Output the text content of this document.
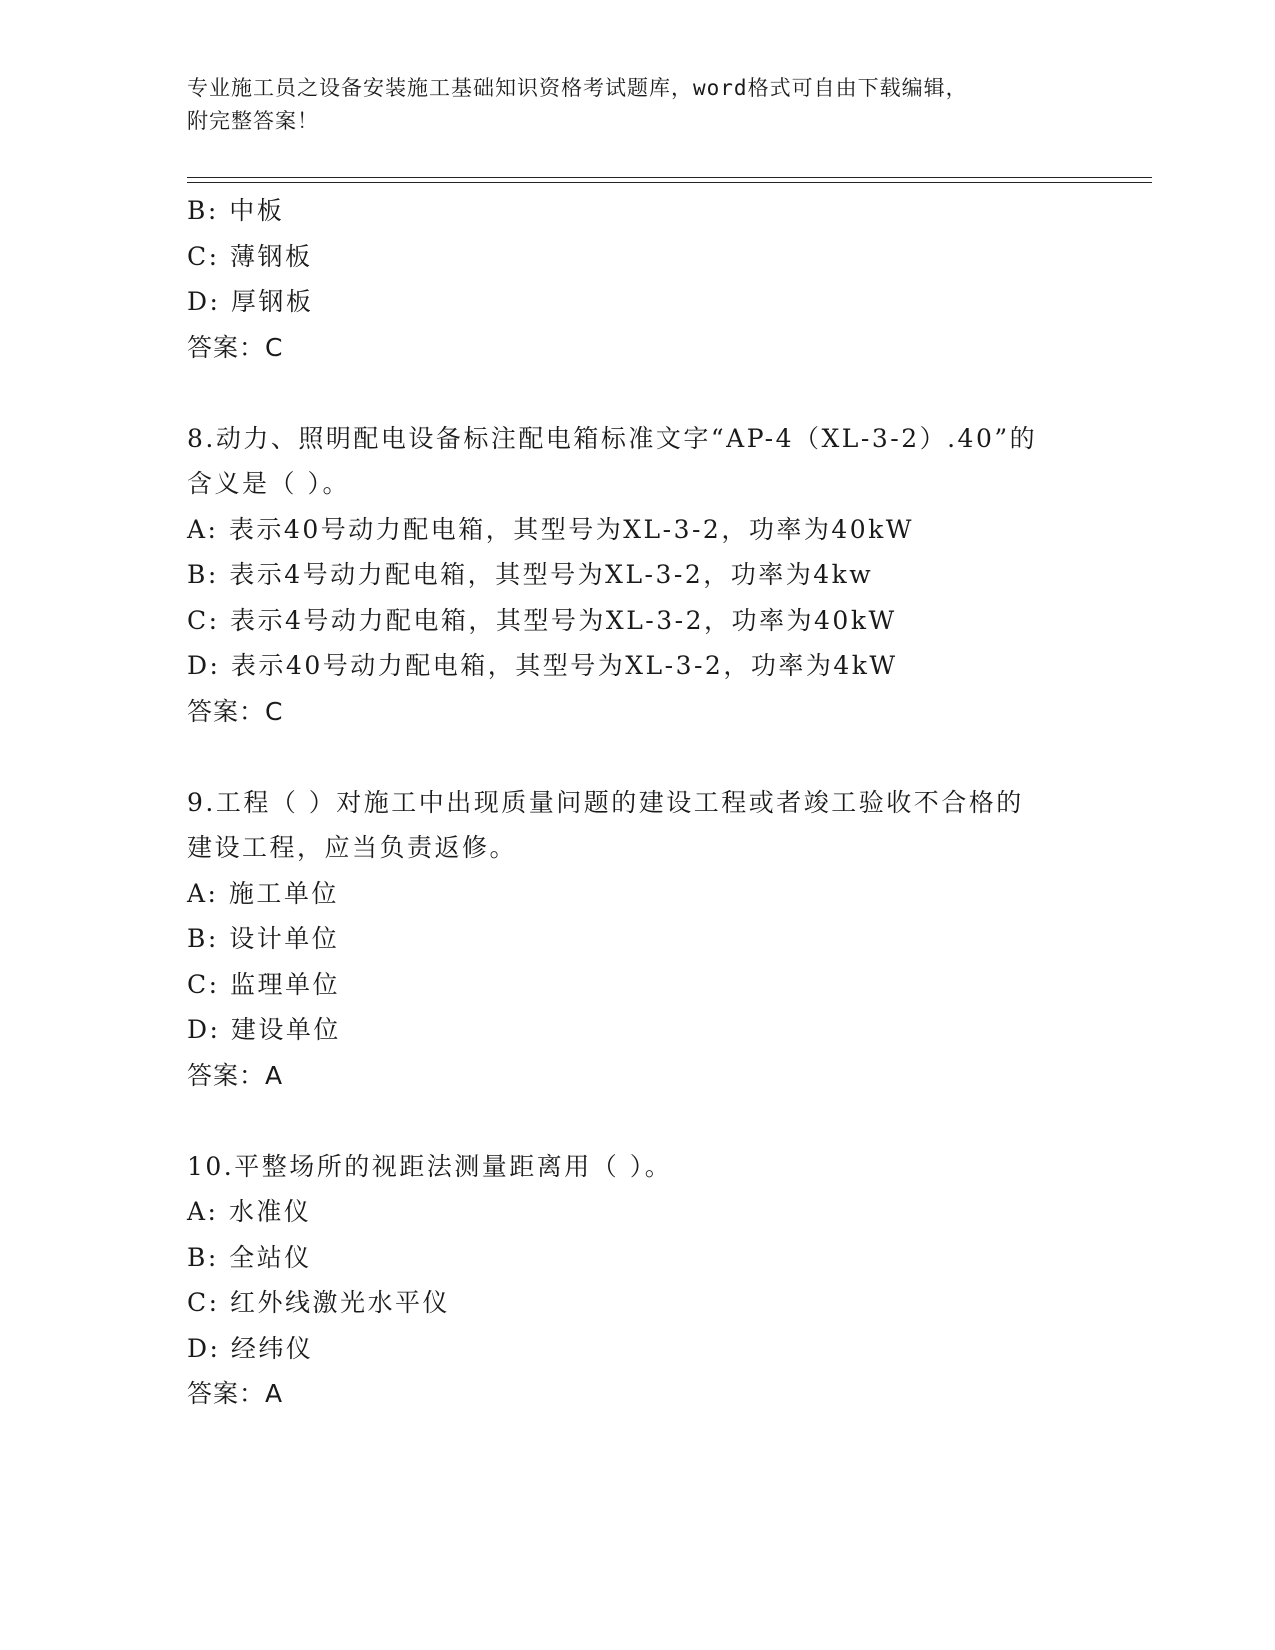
专业施工员之设备安装施工基础知识资格考试题库，word格式可自由下载编辑，
附完整答案！
B: 中板
C: 薄钢板
D: 厚钢板
答案：C
8.动力、照明配电设备标注配电箱标准文字“AP-4（XL-3-2）.40”的
含义是（ ）。
A: 表示40号动力配电箱，其型号为XL-3-2，功率为40kW
B: 表示4号动力配电箱，其型号为XL-3-2，功率为4kw
C: 表示4号动力配电箱，其型号为XL-3-2，功率为40kW
D: 表示40号动力配电箱，其型号为XL-3-2，功率为4kW
答案：C
9.工程（ ）对施工中出现质量问题的建设工程或者竣工验收不合格的
建设工程，应当负责返修。
A: 施工单位
B: 设计单位
C: 监理单位
D: 建设单位
答案：A
10.平整场所的视距法测量距离用（ ）。
A: 水准仪
B: 全站仪
C: 红外线激光水平仪
D: 经纬仪
答案：A
